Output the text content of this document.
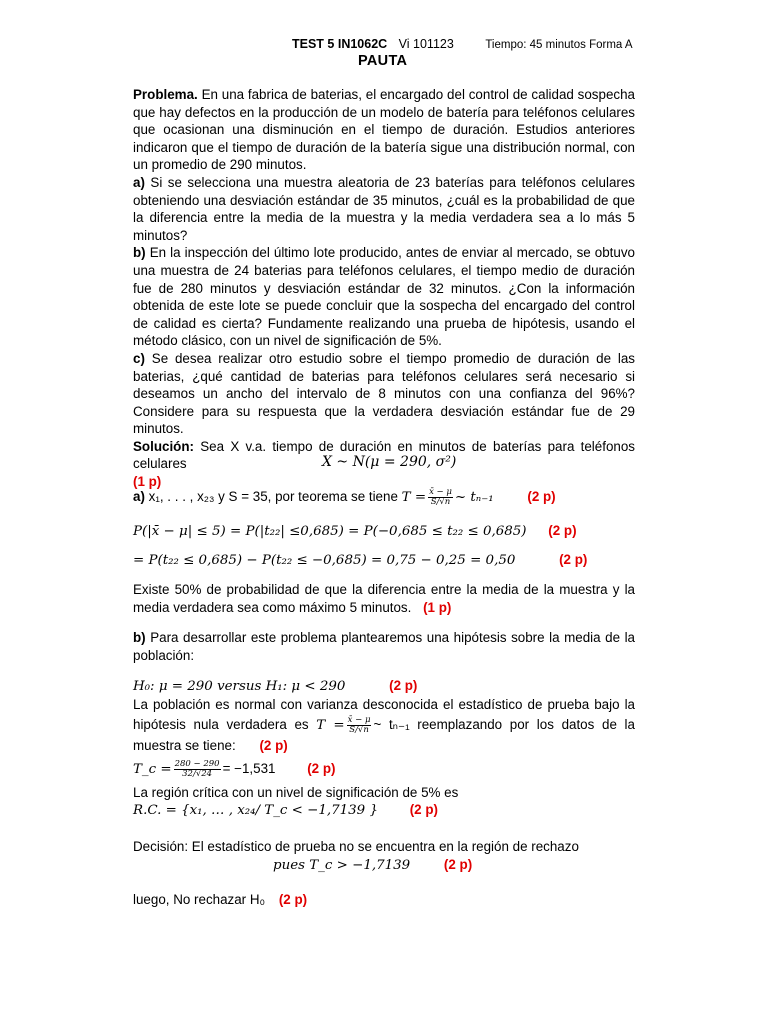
TEST 5 IN1062C Vi 101123	Tiempo: 45 minutos Forma A
PAUTA
Problema. En una fabrica de baterias, el encargado del control de calidad sospecha que hay defectos en la producción de un modelo de batería para teléfonos celulares que ocasionan una disminución en el tiempo de duración. Estudios anteriores indicaron que el tiempo de duración de la batería sigue una distribución normal, con un promedio de 290 minutos.
a) Si se selecciona una muestra aleatoria de 23 baterías para teléfonos celulares obteniendo una desviación estándar de 35 minutos, ¿cuál es la probabilidad de que la diferencia entre la media de la muestra y la media verdadera sea a lo más 5 minutos?
b) En la inspección del último lote producido, antes de enviar al mercado, se obtuvo una muestra de 24 baterias para teléfonos celulares, el tiempo medio de duración fue de 280 minutos y desviación estándar de 32 minutos. ¿Con la información obtenida de este lote se puede concluir que la sospecha del encargado del control de calidad es cierta? Fundamente realizando una prueba de hipótesis, usando el método clásico, con un nivel de significación de 5%.
c) Se desea realizar otro estudio sobre el tiempo promedio de duración de las baterias, ¿qué cantidad de baterias para teléfonos celulares será necesario si deseamos un ancho del intervalo de 8 minutos con una confianza del 96%? Considere para su respuesta que la verdadera desviación estándar fue de 29 minutos.
Solución: Sea X v.a. tiempo de duración en minutos de baterías para teléfonos celulares
(1 p)
X ~ N(μ = 290, σ²)
a) x₁, . . . , x₂₃ y S = 35, por teorema se tiene $T = \frac{x̄ - \mu}{S/√n}$ ~ tₙ₋₁	(2 p)
P(|x̄ − μ| ≤ 5) = P(|t₂₂| ≤0,685) = P(−0,685 ≤ t₂₂ ≤ 0,685) (2 p)
= P(t₂₂ ≤ 0,685) − P(t₂₂ ≤ −0,685) = 0,75 − 0,25 = 0,50	(2 p)
Existe 50% de probabilidad de que la diferencia entre la media de la muestra y la media verdadera sea como máximo 5 minutos. (1 p)
b) Para desarrollar este problema plantearemos una hipótesis sobre la media de la población:
H₀: μ = 290 versus H₁: μ < 290	(2 p)
La población es normal con varianza desconocida el estadístico de prueba bajo la hipótesis nula verdadera es $T = \frac{x̄ - \mu}{S/√n}$ ~ tₙ₋₁ reemplazando por los datos de la muestra se tiene: (2 p)
T_c = $\frac{280 - 290}{32/√24} = -1,531$ (2 p)
La región crítica con un nivel de significación de 5% es
R.C. = {x₁, … , x₂₄/ T_c < −1,7139 } (2 p)
Decisión: El estadístico de prueba no se encuentra en la región de rechazo
pues T_c > −1,7139	(2 p)
luego, No rechazar H₀ (2 p)
